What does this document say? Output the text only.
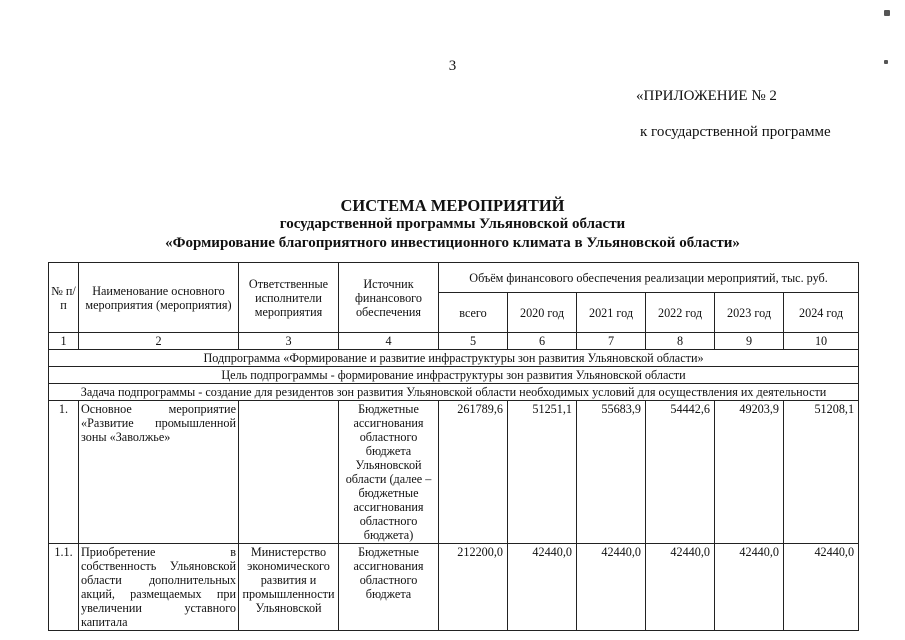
3
«ПРИЛОЖЕНИЕ № 2
к государственной программе
СИСТЕМА МЕРОПРИЯТИЙ
государственной программы Ульяновской области
«Формирование благоприятного инвестиционного климата в Ульяновской области»
№ п/п	Наименование основного мероприятия (мероприятия)	Ответственные исполнители мероприятия	Источник финансового обеспечения	Объём финансового обеспечения реализации мероприятий, тыс. руб.					
				всего	2020 год	2021 год	2022 год	2023 год	2024 год
1	2	3	4	5	6	7	8	9	10
Подпрограмма «Формирование и развитие инфраструктуры зон развития Ульяновской области»									
Цель подпрограммы - формирование инфраструктуры зон развития Ульяновской области									
Задача подпрограммы - создание для резидентов зон развития Ульяновской области необходимых условий для осуществления их деятельности									
1.	Основное мероприятие «Развитие промышленной зоны «Заволжье»		Бюджетные ассигнования областного бюджета Ульяновской области (далее – бюджетные ассигнования областного бюджета)	261789,6	51251,1	55683,9	54442,6	49203,9	51208,1
1.1.	Приобретение в собственность Ульяновской области дополнительных акций, размещаемых при увеличении уставного капитала	Министерство экономического развития и промышленности Ульяновской	Бюджетные ассигнования областного бюджета	212200,0	42440,0	42440,0	42440,0	42440,0	42440,0
